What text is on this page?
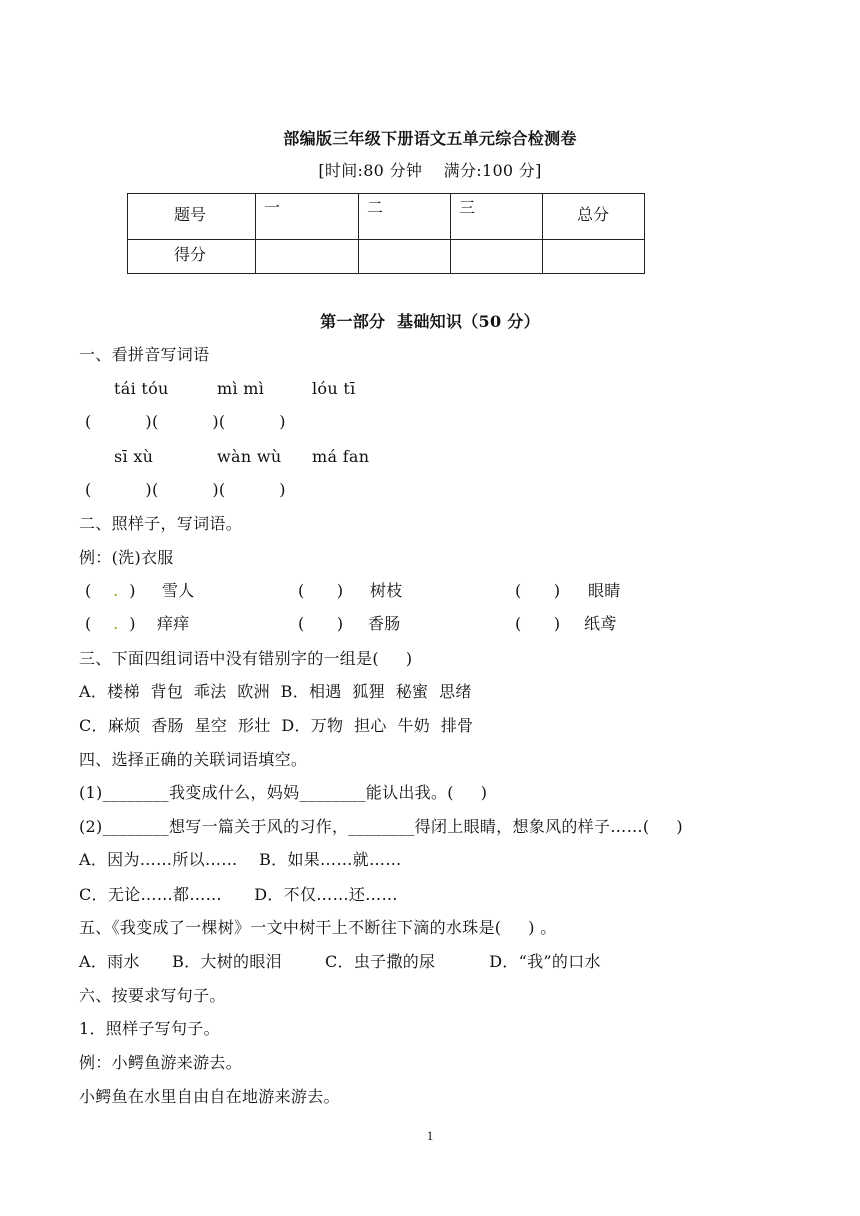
部编版三年级下册语文五单元综合检测卷
[时间:80 分钟    满分:100 分]
题号	一	二	三	总分

得分				

第一部分  基础知识（50 分）
一、看拼音写词语
tái tóu	mì mì	lóu tī
(          )(          )(          )
sī xù	wàn wù má fan
(          )(          )(          )
二、照样子，写词语。
例：(洗)衣服
(    .  ) 雪人	(      ) 树枝	(      ) 眼睛
(    .  ) 痒痒	(      ) 香肠	(      ) 纸鸢
三、下面四组词语中没有错别字的一组是(     )
A．楼梯  背包  乖法  欧洲  B．相遇  狐狸  秘蜜  思绪
C．麻烦  香肠  星空  形壮  D．万物  担心  牛奶  排骨
四、选择正确的关联词语填空。
(1)________我变成什么，妈妈________能认出我。(     )
(2)________想写一篇关于风的习作，________得闭上眼睛，想象风的样子……(     )
A．因为……所以……    B．如果……就……
C．无论……都……      D．不仅……还……
五、《我变成了一棵树》一文中树干上不断往下滴的水珠是(     ) 。
A．雨水      B．大树的眼泪        C．虫子撒的尿          D．“我”的口水
六、按要求写句子。
1．照样子写句子。
例：小鳄鱼游来游去。
小鳄鱼在水里自由自在地游来游去。
1
